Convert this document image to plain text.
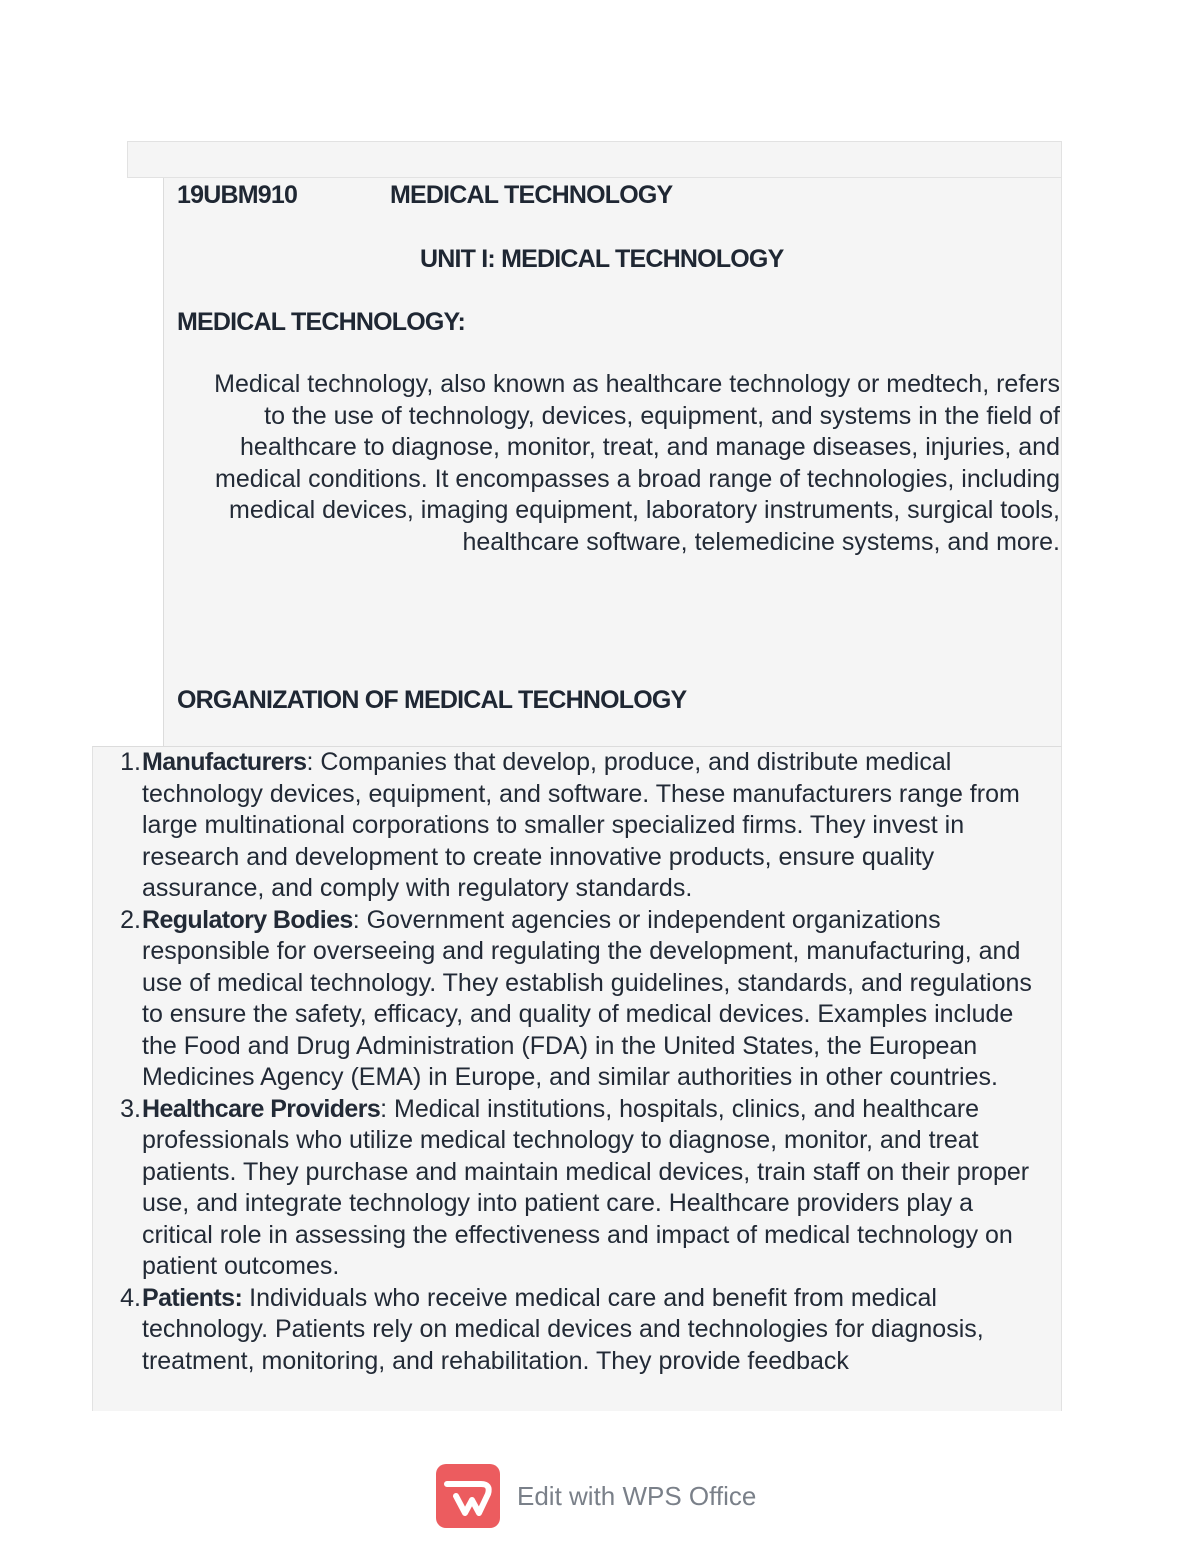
19UBM910	MEDICAL TECHNOLOGY
UNIT I: MEDICAL TECHNOLOGY
MEDICAL TECHNOLOGY:

Medical technology, also known as healthcare technology or medtech, refers to the use of technology, devices, equipment, and systems in the field of healthcare to diagnose, monitor, treat, and manage diseases, injuries, and medical conditions. It encompasses a broad range of technologies, including medical devices, imaging equipment, laboratory instruments, surgical tools, healthcare software, telemedicine systems, and more.

ORGANIZATION OF MEDICAL TECHNOLOGY
1. Manufacturers: Companies that develop, produce, and distribute medical technology devices, equipment, and software. These manufacturers range from large multinational corporations to smaller specialized firms. They invest in research and development to create innovative products, ensure quality assurance, and comply with regulatory standards.
2. Regulatory Bodies: Government agencies or independent organizations responsible for overseeing and regulating the development, manufacturing, and use of medical technology. They establish guidelines, standards, and regulations to ensure the safety, efficacy, and quality of medical devices. Examples include the Food and Drug Administration (FDA) in the United States, the European Medicines Agency (EMA) in Europe, and similar authorities in other countries.
3. Healthcare Providers: Medical institutions, hospitals, clinics, and healthcare professionals who utilize medical technology to diagnose, monitor, and treat patients. They purchase and maintain medical devices, train staff on their proper use, and integrate technology into patient care. Healthcare providers play a critical role in assessing the effectiveness and impact of medical technology on patient outcomes.
4. Patients: Individuals who receive medical care and benefit from medical technology. Patients rely on medical devices and technologies for diagnosis, treatment, monitoring, and rehabilitation. They provide feedback
Edit with WPS Office
